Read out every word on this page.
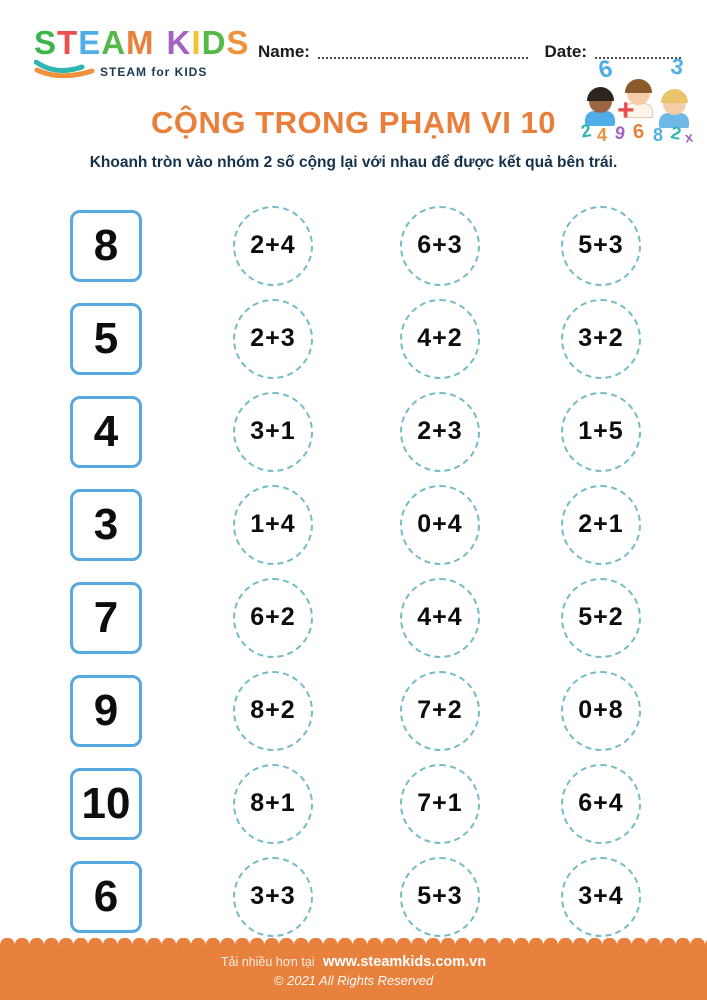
STEAM KIDS
STEAM for KIDS
Name:	Date:
CỘNG TRONG PHẠM VI 10
Khoanh tròn vào nhóm 2 số cộng lại với nhau để được kết quả bên trái.
6 3
+
2 4 9 6 8 2 x
8	2+4	6+3	5+3
5	2+3	4+2	3+2
4	3+1	2+3	1+5
3	1+4	0+4	2+1
7	6+2	4+4	5+2
9	8+2	7+2	0+8
10	8+1	7+1	6+4
6	3+3	5+3	3+4
Tải nhiều hơn tại www.steamkids.com.vn
© 2021 All Rights Reserved
